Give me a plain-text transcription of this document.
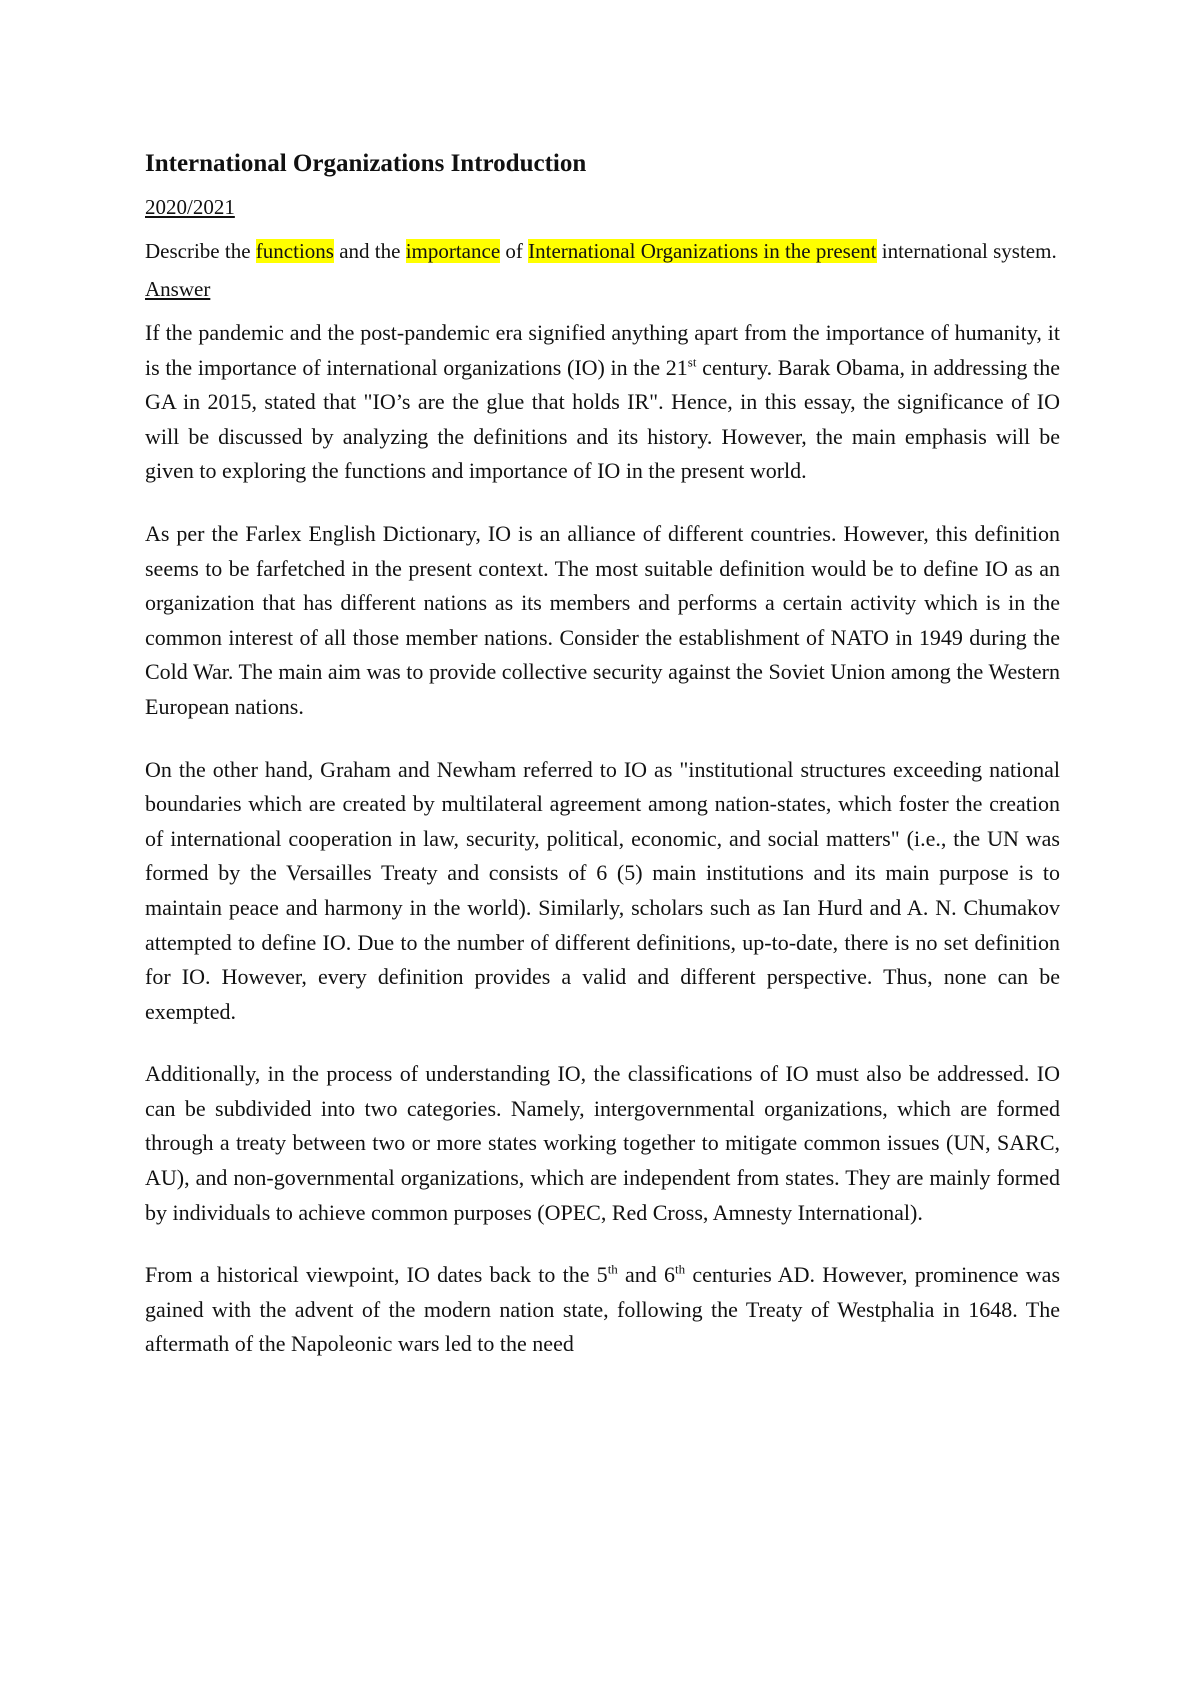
International Organizations Introduction
2020/2021
Describe the functions and the importance of International Organizations in the present international system.
Answer

If the pandemic and the post-pandemic era signified anything apart from the importance of humanity, it is the importance of international organizations (IO) in the 21st century. Barak Obama, in addressing the GA in 2015, stated that "IO’s are the glue that holds IR". Hence, in this essay, the significance of IO will be discussed by analyzing the definitions and its history. However, the main emphasis will be given to exploring the functions and importance of IO in the present world.

As per the Farlex English Dictionary, IO is an alliance of different countries. However, this definition seems to be farfetched in the present context. The most suitable definition would be to define IO as an organization that has different nations as its members and performs a certain activity which is in the common interest of all those member nations. Consider the establishment of NATO in 1949 during the Cold War. The main aim was to provide collective security against the Soviet Union among the Western European nations.

On the other hand, Graham and Newham referred to IO as "institutional structures exceeding national boundaries which are created by multilateral agreement among nation-states, which foster the creation of international cooperation in law, security, political, economic, and social matters" (i.e., the UN was formed by the Versailles Treaty and consists of 6 (5) main institutions and its main purpose is to maintain peace and harmony in the world). Similarly, scholars such as Ian Hurd and A. N. Chumakov attempted to define IO. Due to the number of different definitions, up-to-date, there is no set definition for IO. However, every definition provides a valid and different perspective. Thus, none can be exempted.

Additionally, in the process of understanding IO, the classifications of IO must also be addressed. IO can be subdivided into two categories. Namely, intergovernmental organizations, which are formed through a treaty between two or more states working together to mitigate common issues (UN, SARC, AU), and non-governmental organizations, which are independent from states. They are mainly formed by individuals to achieve common purposes (OPEC, Red Cross, Amnesty International).

From a historical viewpoint, IO dates back to the 5th and 6th centuries AD. However, prominence was gained with the advent of the modern nation state, following the Treaty of Westphalia in 1648. The aftermath of the Napoleonic wars led to the need
